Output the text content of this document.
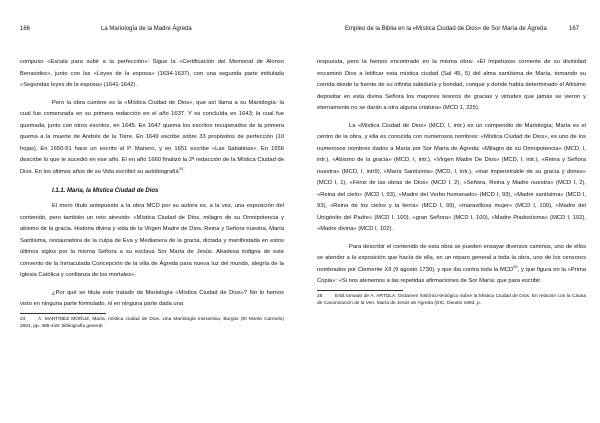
166	La Mariología de la Madre Ágreda

compuso «Escala para subir a la perfección»: Sigue la «Certificación del Memorial de Alonso Benavides», junto con las «Leyes de la esposa» (1634-1637), con una segunda parte intitulada «Segundas leyes de la esposa» (1641-1642).

Pero la obra cumbre es la «Mística Ciudad de Dios», que así llama a su Mariología: la cual fue comenzada en su primera redacción en el año 1637. Y es concluída en 1643; la cual fue quemada, junto con otros escritos, en 1645. En 1647 quema los escritos recuperados de la primera quema a la muerte de Andrés de la Torre. En 1649 escribe sobre 33 propósitos de perfección (10 hojas). En 1650-51 hace un escrito al P. Manero, y en 1651 escribe «Las Sabatinas». En 1656 describe lo que le sucedió en ese año. El en año 1660 finalizó la 2ª redacción de la Mística Ciudad de Dios. En los últimos años de su Vida escribió su autobiografía$^{24}$.

I.1.1. María, la Mística Ciudad de Dios

El mero título antepuesto a la obra MCD por su autora es, a la vez, una exposición del contenido, pero también un reto atrevido: «Mística Ciudad de Dios, milagro de su Omnipotencia y abismo de la gracia. Historia divina y vida de la Virgen Madre de Dios, Reina y Señora nuestra, María Santísima, restauradora de la culpa de Eva y Medianera de la gracia, dictada y manifestada en estos últimos siglos por la misma Señora a su esclava Sor María de Jesús. Abadesa indigna de este convento de la Inmaculada Concepción de la villa de Ágreda para nueva luz del mundo, alegría de la Iglesia Católica y confianza de los mortales».

¿Por qué se titula este tratado de Mariología «Mística Ciudad de Dios»? No lo hemos visto en ninguna parte formulado, ni en ninguna parte dada una

24	Á. MARTÍNEZ MOÑUZ, María, mística ciudad de Dios. Una Mariología interactiva, Burgos (El Monte Carmelo) 2001, pp. 385-418: bibliografía general

Empleo de la Biblia en la «Mística Ciudad de Dios» de Sor María de Ágreda	167

respuesta, pero la hemos encontrado en la misma obra: «El ímpetuoso corriente de su divinidad encaminó Dios a letificar esta mística ciudad (Sal 45, 5) del alma santísima de María, tomando su corrida desde la fuente de su infinita sabiduría y bondad, conque y donde había determinado el Altísimo depositar en esta divina Señora los mayores tesoros de gracias y virtudes que jamás se vieron y eternamente no se darán a otra alguna criatura» (MCD 1, 225).

La «Mística Ciudad de Dios» (MCD, I, intr.) es un compendio de Mariología; María es el centro de la obra, y ella es conocida con numerosos nombres: «Mística Ciudad de Dios», es uno de los numerosos nombres dados a María por Sor María de Ágreda; «Milagro de su Omnipotencia» (MCD, I, intr.), «Abismo de la gracia» (MCD, I, intr.), «Virgen Madre De Dios» (MCD, I, intr.), «Reina y Señora nuestra» (MCD, I, intr9), «María Santísima» (MCD, I, intr.), «mar impenetrable de su gracia y dones» (MCD I, 1), «Fénix de las obras de Dios» (MCD I, 2), «Señora, Reina y Madre nuestra» (MCD I, 2), «Reina del cielo» (MCD I, 93), «Madre del Verbo humanado» (MCD I, 93), «Madre santísima» (MCD I, 93), «Reina de los cielos y la tierra» (MCD I, 99), «maravillosa mujer» (MCD I, 100), «Madre del Unigénito del Padre» (MCD I, 100), «gran Señora» (MCD I, 100), «Madre Piadosísima» (MCD I, 102), «Madre divina» (MCD I, 102).

Para describir el contenido de esta obra se pueden ensayar diversos caminos, uno de ellos se atender a la exposición que hacía de ella, en un reparo general a toda la obra, uno de los censores nombrados por Clemente XII (9 agosto 1730), y que iba contra toda la MCD$^{25}$, y que figura en la «Prima Copia»: «Si nos atenemos a las repetidas afirmaciones de Sor María: que para escribir

25	Está tomado de A. ARTOLA, Dictamen histórico-teológico sobre la Mística Ciudad de Dios. En relación con la Causa de Canonización de la Ven. María de Jesús de Ágreda (OIC, Deusto 1993, p.
